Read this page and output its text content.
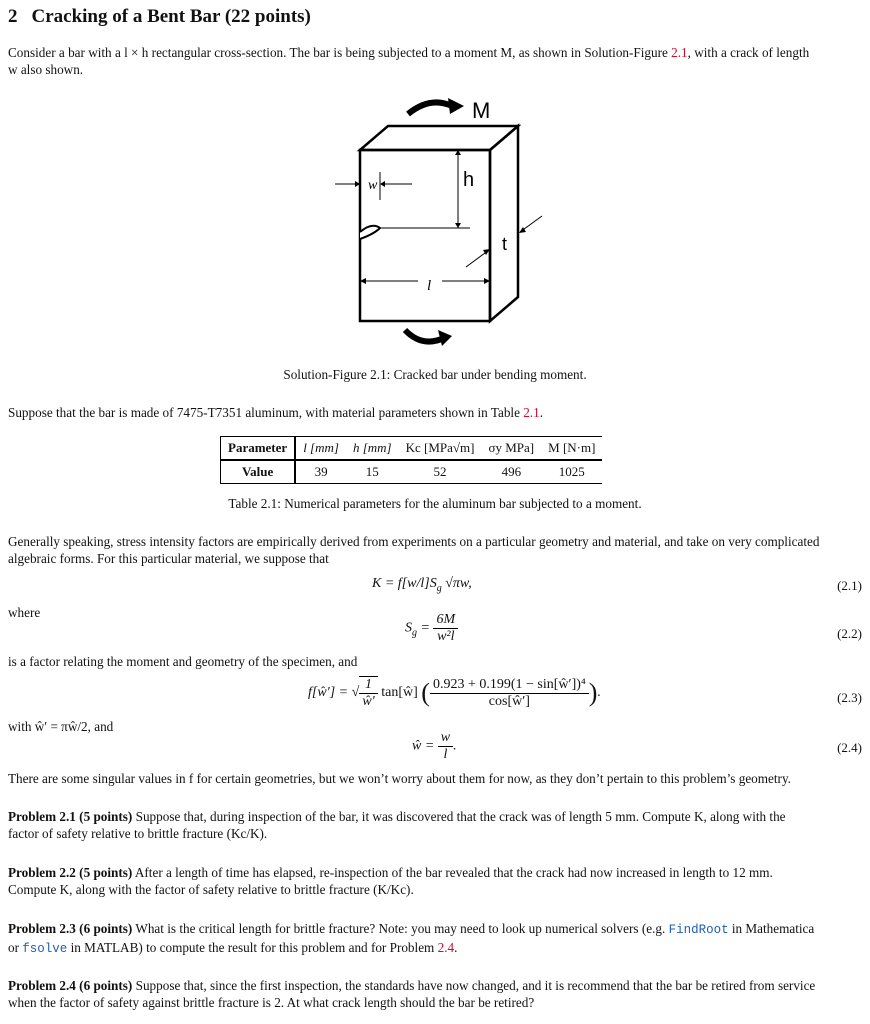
2 Cracking of a Bent Bar (22 points)
Consider a bar with a l × h rectangular cross-section. The bar is being subjected to a moment M, as shown in Solution-Figure 2.1, with a crack of length
w also shown.
M
w	h
t
l
Solution-Figure 2.1: Cracked bar under bending moment.
Suppose that the bar is made of 7475-T7351 aluminum, with material parameters shown in Table 2.1.
Parameter	l [mm]	h [mm]	Kc [MPa√m]	σy MPa]	M [N·m]
Value	39	15	52	496	1025
Table 2.1: Numerical parameters for the aluminum bar subjected to a moment.
Generally speaking, stress intensity factors are empirically derived from experiments on a particular geometry and material, and take on very complicated
algebraic forms. For this particular material, we suppose that
$K = f[w/l]S_g$ √πw,	(2.1)
where
$S_g = \frac{6M}{\text{w²l}}$	(2.2)
is a factor relating the moment and geometry of the specimen, and
f[ŵ′] = √ $\frac{1}{ŵ'}$ tan[ŵ] ( $\frac{\text{0.923 + 0.199(1 − sin[ŵ′])⁴}}{\cos[ŵ']}$ ).	(2.3)
with ŵ′ = πŵ/2, and
ŵ = $\frac{w}{l}$ .	(2.4)
There are some singular values in f for certain geometries, but we won’t worry about them for now, as they don’t pertain to this problem’s geometry.
Problem 2.1 (5 points) Suppose that, during inspection of the bar, it was discovered that the crack was of length 5 mm. Compute K, along with the
factor of safety relative to brittle fracture (Kc/K).
Problem 2.2 (5 points) After a length of time has elapsed, re-inspection of the bar revealed that the crack had now increased in length to 12 mm.
Compute K, along with the factor of safety relative to brittle fracture (K/Kc).
Problem 2.3 (6 points) What is the critical length for brittle fracture? Note: you may need to look up numerical solvers (e.g. FindRoot in Mathematica
or fsolve in MATLAB) to compute the result for this problem and for Problem 2.4.
Problem 2.4 (6 points) Suppose that, since the first inspection, the standards have now changed, and it is recommend that the bar be retired from service
when the factor of safety against brittle fracture is 2. At what crack length should the bar be retired?
